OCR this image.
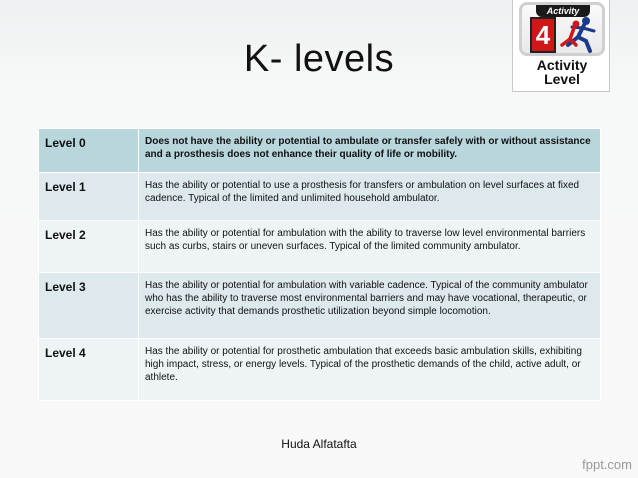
K- levels
Activity
4
Activity
Level
Level 0	Does not have the ability or potential to ambulate or transfer safely with or without assistance and a prosthesis does not enhance their quality of life or mobility.
Level 1	Has the ability or potential to use a prosthesis for transfers or ambulation on level surfaces at fixed cadence. Typical of the limited and unlimited household ambulator.
Level 2	Has the ability or potential for ambulation with the ability to traverse low level environmental barriers such as curbs, stairs or uneven surfaces. Typical of the limited community ambulator.
Level 3	Has the ability or potential for ambulation with variable cadence. Typical of the community ambulator who has the ability to traverse most environmental barriers and may have vocational, therapeutic, or exercise activity that demands prosthetic utilization beyond simple locomotion.
Level 4	Has the ability or potential for prosthetic ambulation that exceeds basic ambulation skills, exhibiting high impact, stress, or energy levels. Typical of the prosthetic demands of the child, active adult, or athlete.
Huda Alfatafta
fppt.com
